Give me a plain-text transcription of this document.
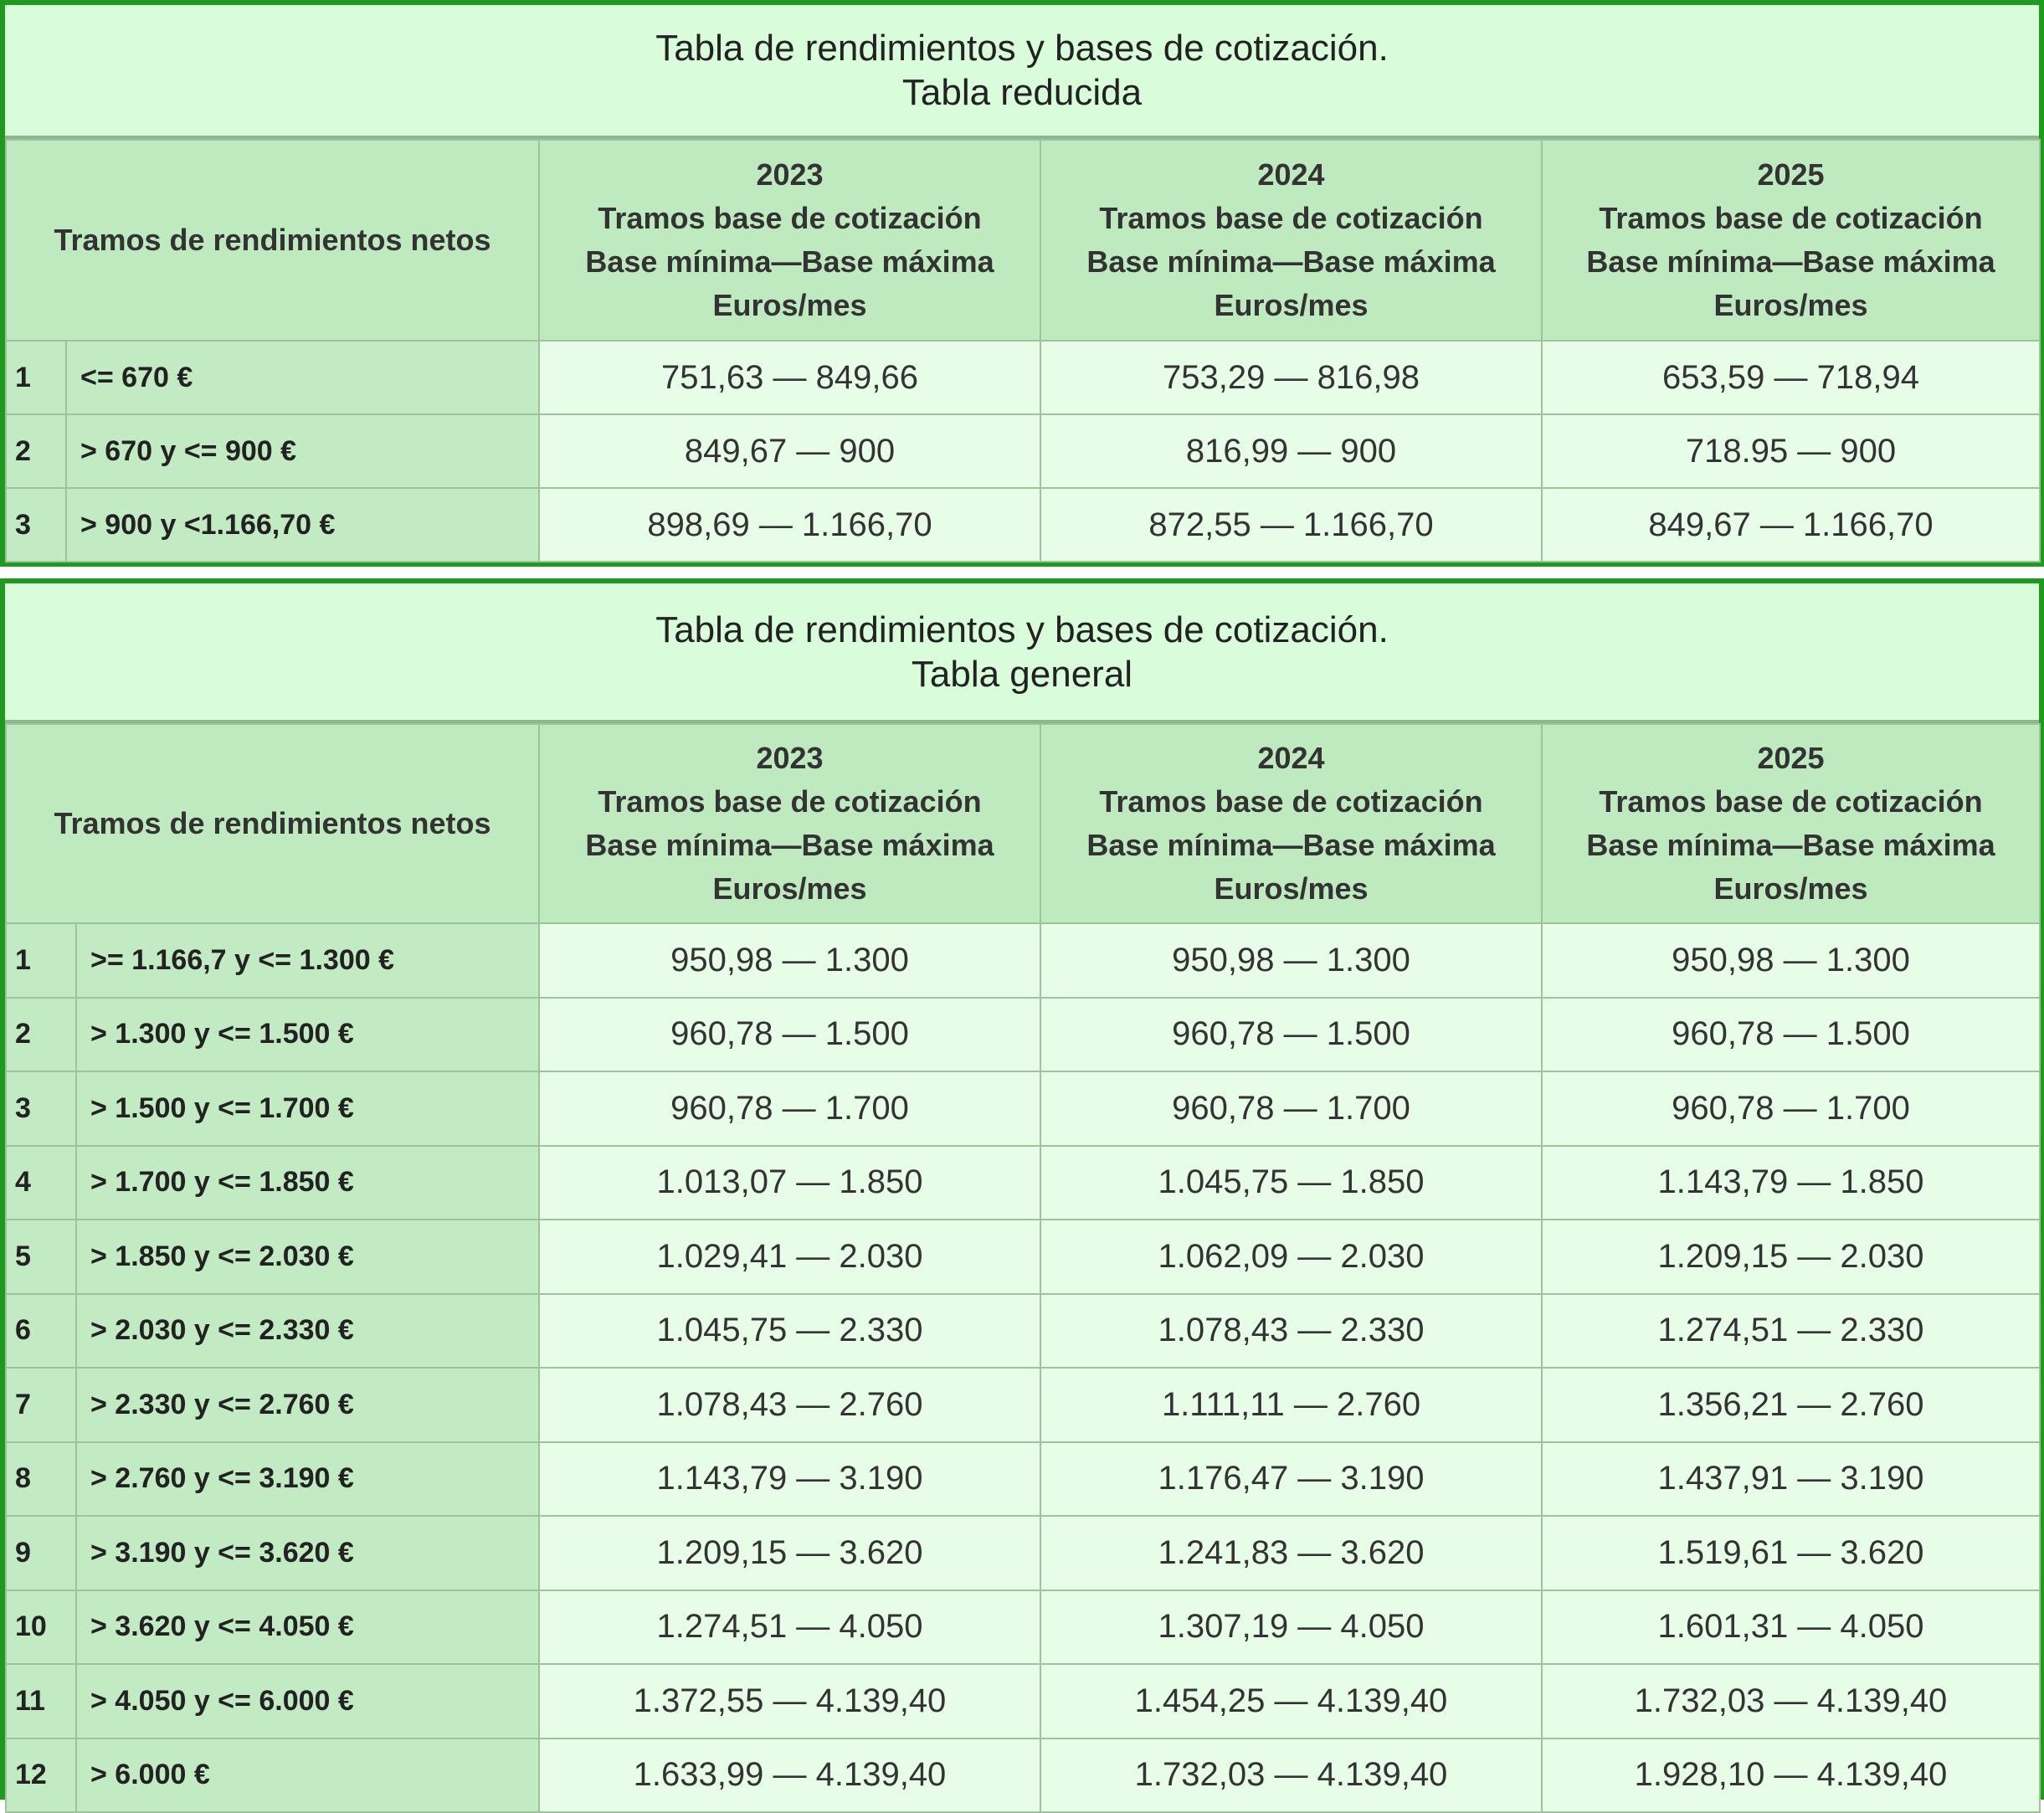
Tabla de rendimientos y bases de cotización.
Tabla reducida
Tramos de rendimientos netos		2023
Tramos base de cotización
Base mínima—Base máxima
Euros/mes	2024
Tramos base de cotización
Base mínima—Base máxima
Euros/mes	2025
Tramos base de cotización
Base mínima—Base máxima
Euros/mes

1	<= 670 €	751,63 — 849,66	753,29 — 816,98	653,59 — 718,94
2	> 670 y <= 900 €	849,67 — 900	816,99 — 900	718.95 — 900
3	> 900 y <1.166,70 €	898,69 — 1.166,70	872,55 — 1.166,70	849,67 — 1.166,70
Tabla de rendimientos y bases de cotización.
Tabla general
Tramos de rendimientos netos		2023
Tramos base de cotización
Base mínima—Base máxima
Euros/mes	2024
Tramos base de cotización
Base mínima—Base máxima
Euros/mes	2025
Tramos base de cotización
Base mínima—Base máxima
Euros/mes

1	>= 1.166,7 y <= 1.300 €	950,98 — 1.300	950,98 — 1.300	950,98 — 1.300
2	> 1.300 y <= 1.500 €	960,78 — 1.500	960,78 — 1.500	960,78 — 1.500
3	> 1.500 y <= 1.700 €	960,78 — 1.700	960,78 — 1.700	960,78 — 1.700
4	> 1.700 y <= 1.850 €	1.013,07 — 1.850	1.045,75 — 1.850	1.143,79 — 1.850
5	> 1.850 y <= 2.030 €	1.029,41 — 2.030	1.062,09 — 2.030	1.209,15 — 2.030
6	> 2.030 y <= 2.330 €	1.045,75 — 2.330	1.078,43 — 2.330	1.274,51 — 2.330
7	> 2.330 y <= 2.760 €	1.078,43 — 2.760	1.111,11 — 2.760	1.356,21 — 2.760
8	> 2.760 y <= 3.190 €	1.143,79 — 3.190	1.176,47 — 3.190	1.437,91 — 3.190
9	> 3.190 y <= 3.620 €	1.209,15 — 3.620	1.241,83 — 3.620	1.519,61 — 3.620
10	> 3.620 y <= 4.050 €	1.274,51 — 4.050	1.307,19 — 4.050	1.601,31 — 4.050
11	> 4.050 y <= 6.000 €	1.372,55 — 4.139,40	1.454,25 — 4.139,40	1.732,03 — 4.139,40
12	> 6.000 €	1.633,99 — 4.139,40	1.732,03 — 4.139,40	1.928,10 — 4.139,40
